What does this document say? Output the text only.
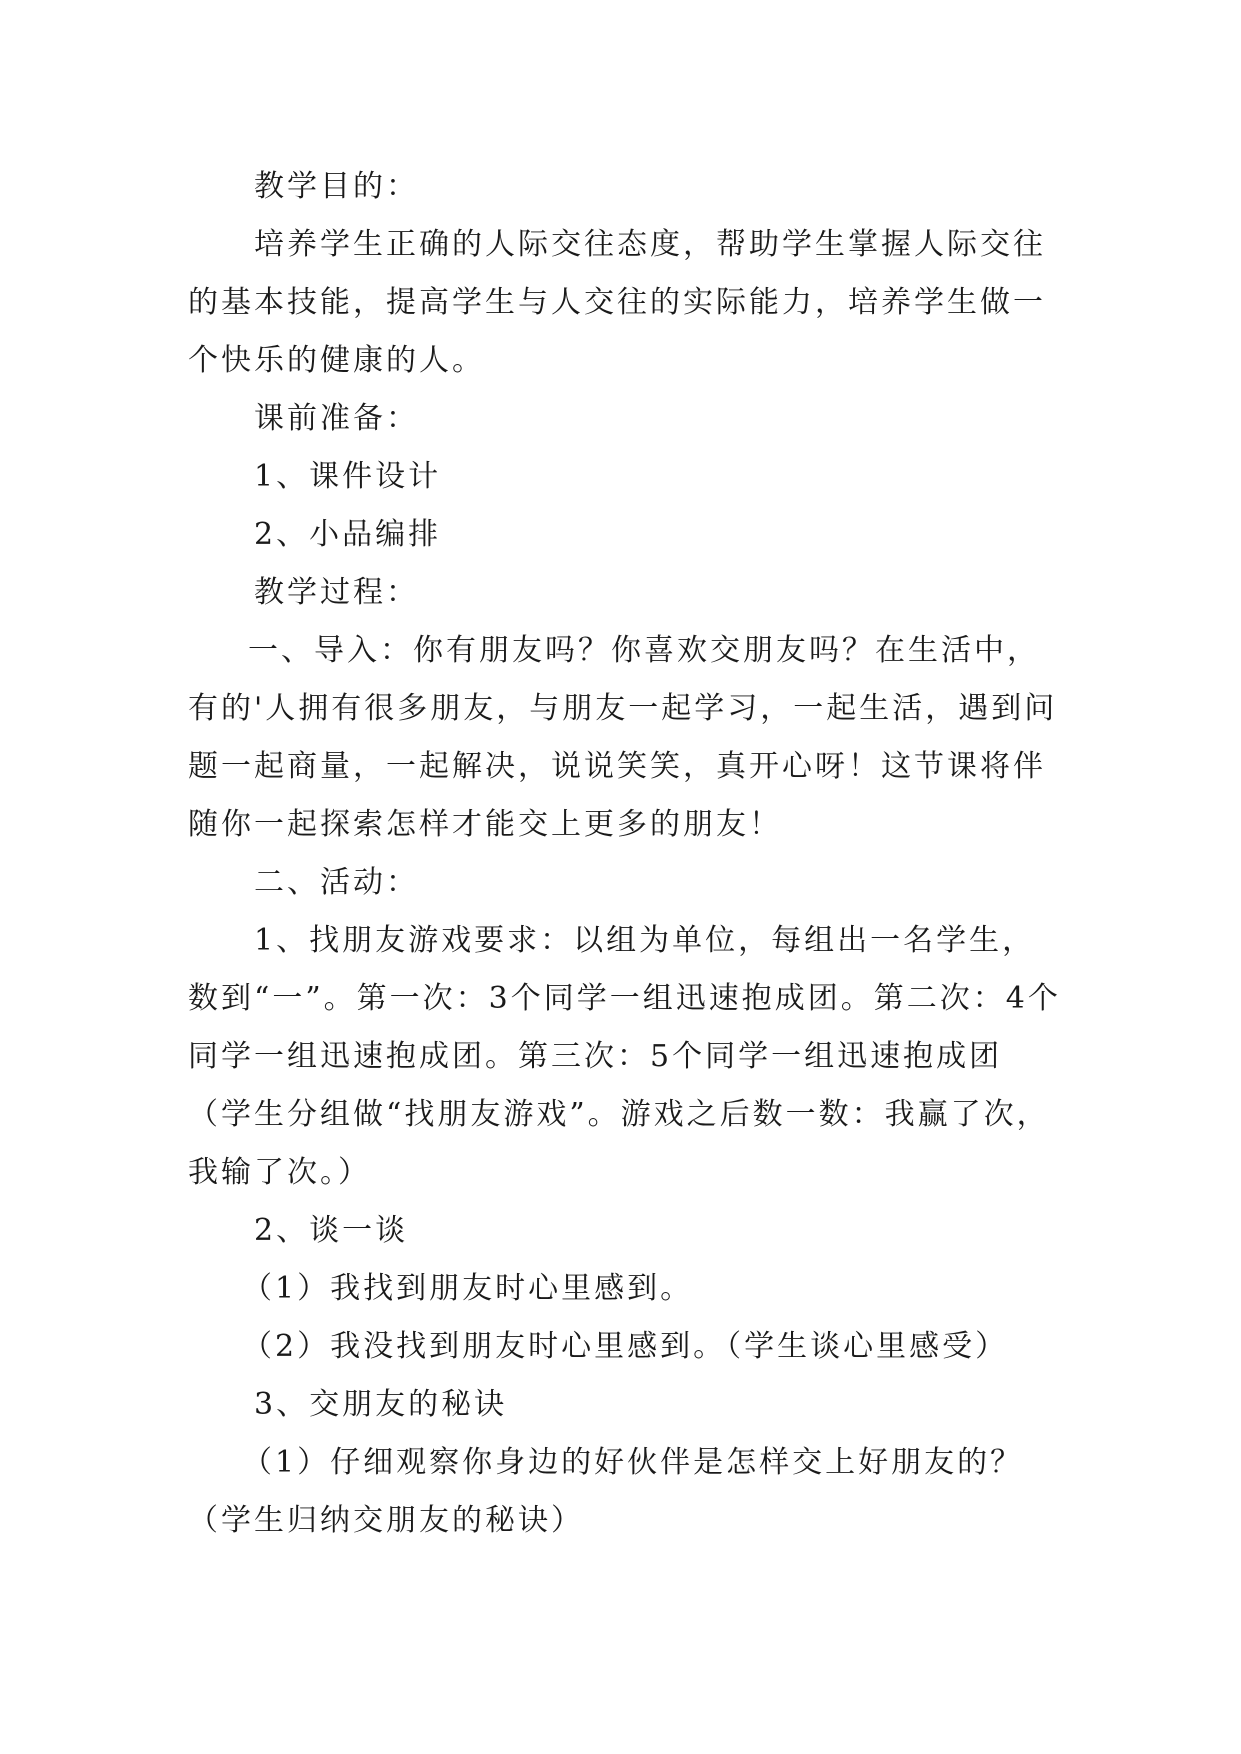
教学目的：

培养学生正确的人际交往态度，帮助学生掌握人际交往的基本技能，提高学生与人交往的实际能力，培养学生做一个快乐的健康的人。

课前准备：

1、课件设计

2、小品编排

教学过程：

一、导入：你有朋友吗？你喜欢交朋友吗？在生活中，有的'人拥有很多朋友，与朋友一起学习，一起生活，遇到问题一起商量，一起解决，说说笑笑，真开心呀！这节课将伴随你一起探索怎样才能交上更多的朋友！

二、活动：

1、找朋友游戏要求：以组为单位，每组出一名学生，数到“一”。第一次：3个同学一组迅速抱成团。第二次：4个同学一组迅速抱成团。第三次：5个同学一组迅速抱成团（学生分组做“找朋友游戏”。游戏之后数一数：我赢了次，我输了次。）

2、谈一谈

（1）我找到朋友时心里感到。

（2）我没找到朋友时心里感到。（学生谈心里感受）

3、交朋友的秘诀

（1）仔细观察你身边的好伙伴是怎样交上好朋友的？（学生归纳交朋友的秘诀）
